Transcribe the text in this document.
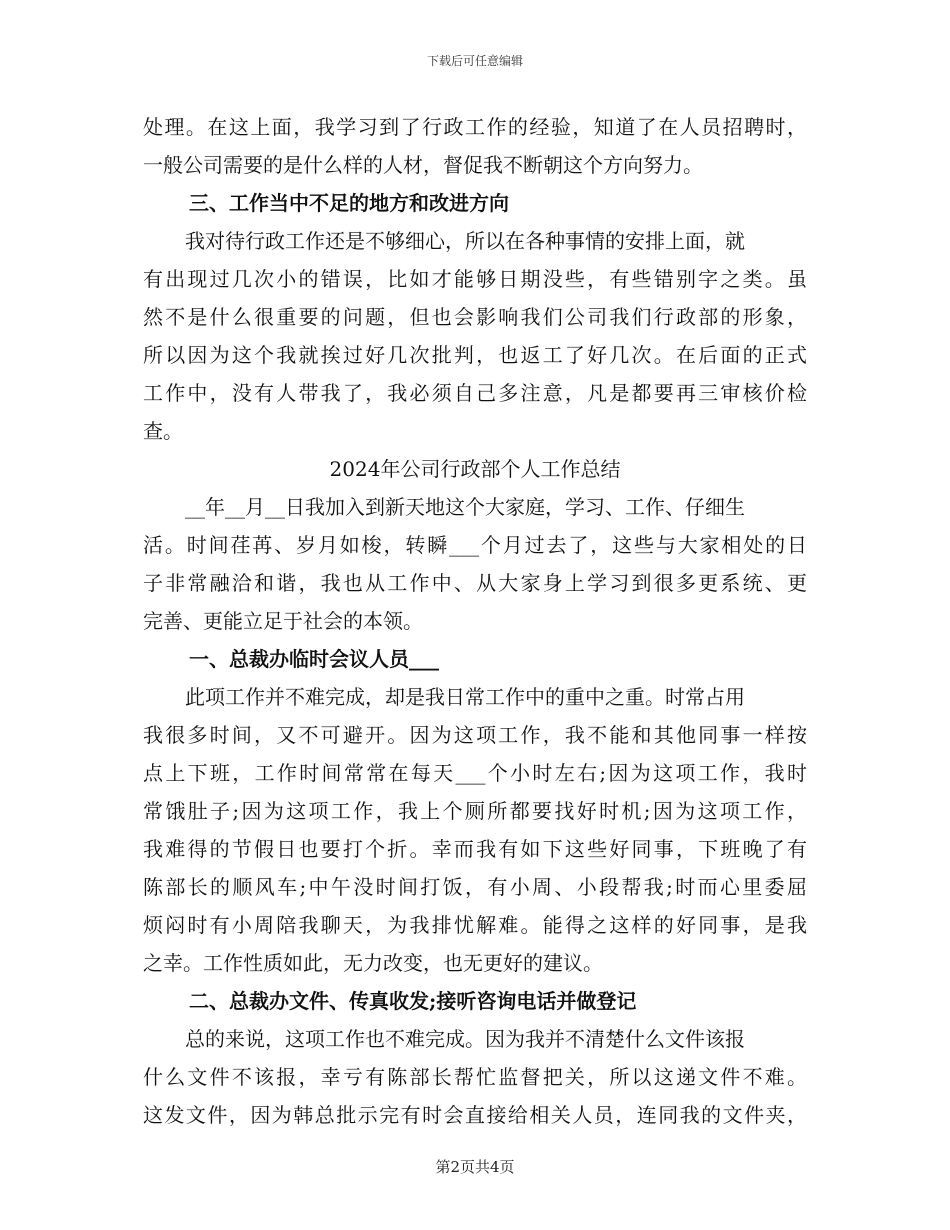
下载后可任意编辑
处理。在这上面，我学习到了行政工作的经验，知道了在人员招聘时，
一般公司需要的是什么样的人材，督促我不断朝这个方向努力。
三、工作当中不足的地方和改进方向
我对待行政工作还是不够细心，所以在各种事情的安排上面，就
有出现过几次小的错误，比如才能够日期没些，有些错别字之类。虽
然不是什么很重要的问题，但也会影响我们公司我们行政部的形象，
所以因为这个我就挨过好几次批判，也返工了好几次。在后面的正式
工作中，没有人带我了，我必须自己多注意，凡是都要再三审核价检
查。
2024年公司行政部个人工作总结
__年__月__日我加入到新天地这个大家庭，学习、工作、仔细生
活。时间荏苒、岁月如梭，转瞬___个月过去了，这些与大家相处的日
子非常融洽和谐，我也从工作中、从大家身上学习到很多更系统、更
完善、更能立足于社会的本领。
一、总裁办临时会议人员___
此项工作并不难完成，却是我日常工作中的重中之重。时常占用
我很多时间，又不可避开。因为这项工作，我不能和其他同事一样按
点上下班，工作时间常常在每天___个小时左右;因为这项工作，我时
常饿肚子;因为这项工作，我上个厕所都要找好时机;因为这项工作，
我难得的节假日也要打个折。幸而我有如下这些好同事，下班晚了有
陈部长的顺风车;中午没时间打饭，有小周、小段帮我;时而心里委屈
烦闷时有小周陪我聊天，为我排忧解难。能得之这样的好同事，是我
之幸。工作性质如此，无力改变，也无更好的建议。
二、总裁办文件、传真收发;接听咨询电话并做登记
总的来说，这项工作也不难完成。因为我并不清楚什么文件该报
什么文件不该报，幸亏有陈部长帮忙监督把关，所以这递文件不难。
这发文件，因为韩总批示完有时会直接给相关人员，连同我的文件夹，
第2页共4页
